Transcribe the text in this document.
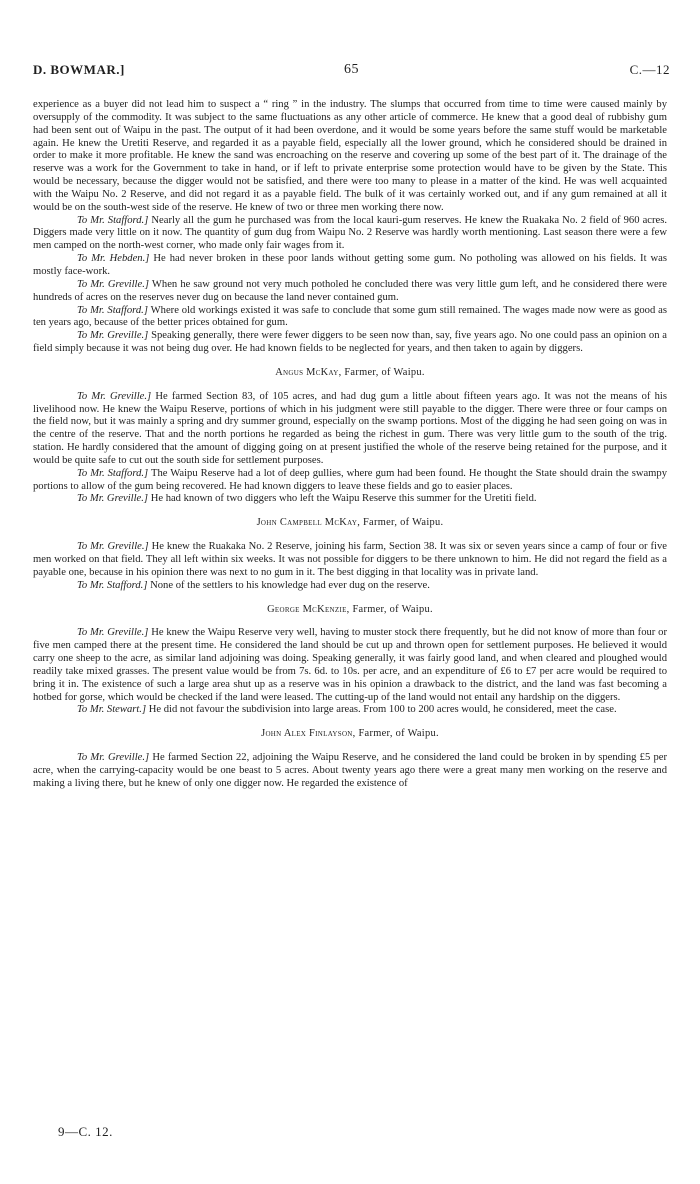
D. BOWMAR.]	65	C.—12

experience as a buyer did not lead him to suspect a “ ring ” in the industry. The slumps that occurred from time to time were caused mainly by oversupply of the commodity. It was subject to the same fluctuations as any other article of commerce. He knew that a good deal of rubbishy gum had been sent out of Waipu in the past. The output of it had been overdone, and it would be some years before the same stuff would be marketable again. He knew the Uretiti Reserve, and regarded it as a payable field, especially all the lower ground, which he considered should be drained in order to make it more profitable. He knew the sand was encroaching on the reserve and covering up some of the best part of it. The drainage of the reserve was a work for the Government to take in hand, or if left to private enterprise some protection would have to be given by the State. This would be necessary, because the digger would not be satisfied, and there were too many to please in a matter of the kind. He was well acquainted with the Waipu No. 2 Reserve, and did not regard it as a payable field. The bulk of it was certainly worked out, and if any gum remained at all it would be on the south-west side of the reserve. He knew of two or three men working there now.

To Mr. Stafford.] Nearly all the gum he purchased was from the local kauri-gum reserves. He knew the Ruakaka No. 2 field of 960 acres. Diggers made very little on it now. The quantity of gum dug from Waipu No. 2 Reserve was hardly worth mentioning. Last season there were a few men camped on the north-west corner, who made only fair wages from it.

To Mr. Hebden.] He had never broken in these poor lands without getting some gum. No potholing was allowed on his fields. It was mostly face-work.

To Mr. Greville.] When he saw ground not very much potholed he concluded there was very little gum left, and he considered there were hundreds of acres on the reserves never dug on because the land never contained gum.

To Mr. Stafford.] Where old workings existed it was safe to conclude that some gum still remained. The wages made now were as good as ten years ago, because of the better prices obtained for gum.

To Mr. Greville.] Speaking generally, there were fewer diggers to be seen now than, say, five years ago. No one could pass an opinion on a field simply because it was not being dug over. He had known fields to be neglected for years, and then taken to again by diggers.

Angus McKay, Farmer, of Waipu.

To Mr. Greville.] He farmed Section 83, of 105 acres, and had dug gum a little about fifteen years ago. It was not the means of his livelihood now. He knew the Waipu Reserve, portions of which in his judgment were still payable to the digger. There were three or four camps on the field now, but it was mainly a spring and dry summer ground, especially on the swamp portions. Most of the digging he had seen going on was in the centre of the reserve. That and the north portions he regarded as being the richest in gum. There was very little gum to the south of the trig. station. He hardly considered that the amount of digging going on at present justified the whole of the reserve being retained for the purpose, and it would be quite safe to cut out the south side for settlement purposes.

To Mr. Stafford.] The Waipu Reserve had a lot of deep gullies, where gum had been found. He thought the State should drain the swampy portions to allow of the gum being recovered. He had known diggers to leave these fields and go to easier places.

To Mr. Greville.] He had known of two diggers who left the Waipu Reserve this summer for the Uretiti field.

John Campbell McKay, Farmer, of Waipu.

To Mr. Greville.] He knew the Ruakaka No. 2 Reserve, joining his farm, Section 38. It was six or seven years since a camp of four or five men worked on that field. They all left within six weeks. It was not possible for diggers to be there unknown to him. He did not regard the field as a payable one, because in his opinion there was next to no gum in it. The best digging in that locality was in private land.

To Mr. Stafford.] None of the settlers to his knowledge had ever dug on the reserve.

George McKenzie, Farmer, of Waipu.

To Mr. Greville.] He knew the Waipu Reserve very well, having to muster stock there frequently, but he did not know of more than four or five men camped there at the present time. He considered the land should be cut up and thrown open for settlement purposes. He believed it would carry one sheep to the acre, as similar land adjoining was doing. Speaking generally, it was fairly good land, and when cleared and ploughed would readily take mixed grasses. The present value would be from 7s. 6d. to 10s. per acre, and an expenditure of £6 to £7 per acre would be required to bring it in. The existence of such a large area shut up as a reserve was in his opinion a drawback to the district, and the land was fast becoming a hotbed for gorse, which would be checked if the land were leased. The cutting-up of the land would not entail any hardship on the diggers.

To Mr. Stewart.] He did not favour the subdivision into large areas. From 100 to 200 acres would, he considered, meet the case.

John Alex Finlayson, Farmer, of Waipu.

To Mr. Greville.] He farmed Section 22, adjoining the Waipu Reserve, and he considered the land could be broken in by spending £5 per acre, when the carrying-capacity would be one beast to 5 acres. About twenty years ago there were a great many men working on the reserve and making a living there, but he knew of only one digger now. He regarded the existence of

9—C. 12.
